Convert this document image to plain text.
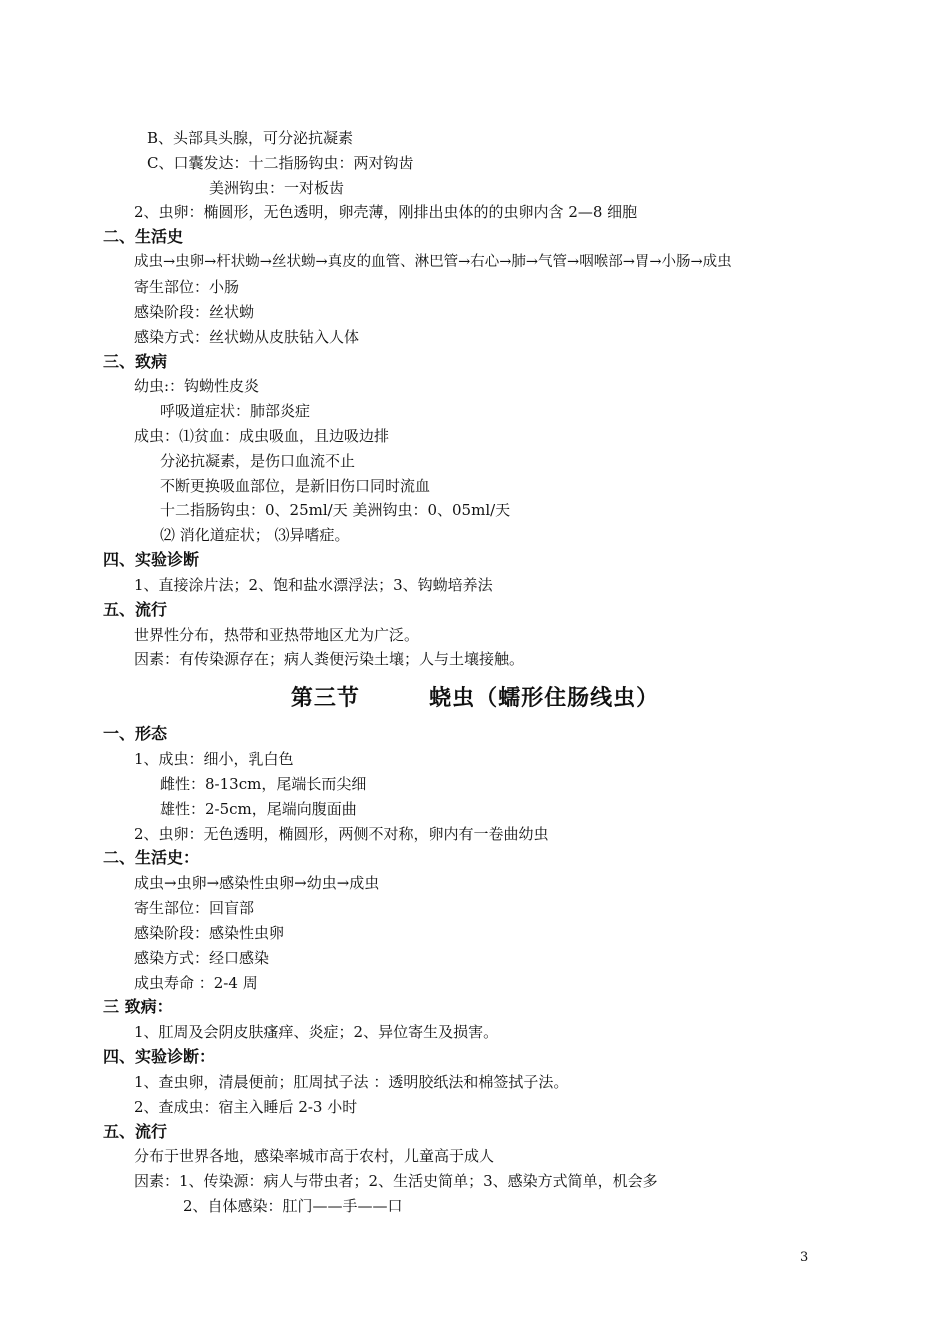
B、头部具头腺，可分泌抗凝素
C、口囊发达：十二指肠钩虫：两对钩齿
美洲钩虫：一对板齿
2、虫卵：椭圆形，无色透明，卵壳薄，刚排出虫体的的虫卵内含 2—8 细胞
二、生活史
成虫→虫卵→杆状蚴→丝状蚴→真皮的血管、淋巴管→右心→肺→气管→咽喉部→胃→小肠→成虫
寄生部位：小肠
感染阶段：丝状蚴
感染方式：丝状蚴从皮肤钻入人体
三、致病
幼虫:：钩蚴性皮炎
呼吸道症状：肺部炎症
成虫：⑴贫血：成虫吸血，且边吸边排
分泌抗凝素，是伤口血流不止
不断更换吸血部位，是新旧伤口同时流血
十二指肠钩虫：0、25ml/天 美洲钩虫：0、05ml/天
⑵ 消化道症状； ⑶异嗜症。
四、实验诊断
1、直接涂片法；2、饱和盐水漂浮法；3、钩蚴培养法
五、流行
世界性分布，热带和亚热带地区尤为广泛。
因素：有传染源存在；病人粪便污染土壤；人与土壤接触。
第三节        蛲虫（蠕形住肠线虫）
一、形态
1、成虫：细小，乳白色
雌性：8-13cm，尾端长而尖细
雄性：2-5cm，尾端向腹面曲
2、虫卵：无色透明，椭圆形，两侧不对称，卵内有一卷曲幼虫
二、生活史：
成虫→虫卵→感染性虫卵→幼虫→成虫
寄生部位：回盲部
感染阶段：感染性虫卵
感染方式：经口感染
成虫寿命 ：2-4 周
三 致病：
1、肛周及会阴皮肤瘙痒、炎症；2、异位寄生及损害。
四、实验诊断：
1、查虫卵，清晨便前；肛周拭子法 ：透明胶纸法和棉签拭子法。
2、查成虫：宿主入睡后 2-3 小时
五、流行
分布于世界各地，感染率城市高于农村，儿童高于成人
因素：1、传染源：病人与带虫者；2、生活史简单；3、感染方式简单，机会多
2、自体感染：肛门——手——口
3
